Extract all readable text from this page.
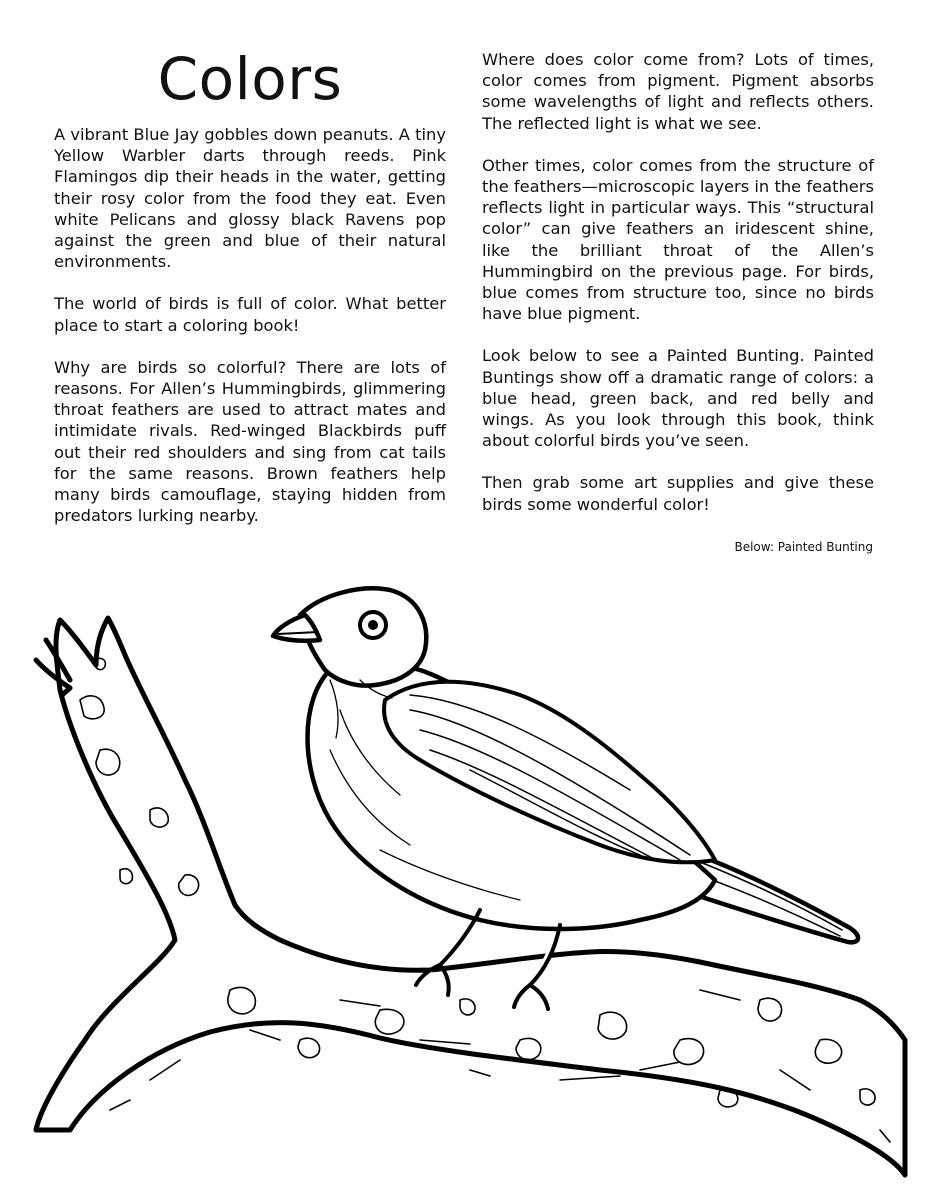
Colors

A vibrant Blue Jay gobbles down peanuts. A tiny Yellow Warbler darts through reeds. Pink Flamingos dip their heads in the water, getting their rosy color from the food they eat. Even white Pelicans and glossy black Ravens pop against the green and blue of their natural environments.

The world of birds is full of color. What better place to start a coloring book!

Why are birds so colorful? There are lots of reasons. For Allen’s Hummingbirds, glimmering throat feathers are used to attract mates and intimidate rivals. Red-winged Blackbirds puff out their red shoulders and sing from cat tails for the same reasons. Brown feathers help many birds camouflage, staying hidden from predators lurking nearby.

Where does color come from? Lots of times, color comes from pigment. Pigment absorbs some wavelengths of light and reflects others. The reflected light is what we see.

Other times, color comes from the structure of the feathers—microscopic layers in the feathers reflects light in particular ways. This “structural color” can give feathers an iridescent shine, like the brilliant throat of the Allen’s Hummingbird on the previous page. For birds, blue comes from structure too, since no birds have blue pigment.

Look below to see a Painted Bunting. Painted Buntings show off a dramatic range of colors: a blue head, green back, and red belly and wings. As you look through this book, think about colorful birds you’ve seen.

Then grab some art supplies and give these birds some wonderful color!

Below: Painted Bunting
